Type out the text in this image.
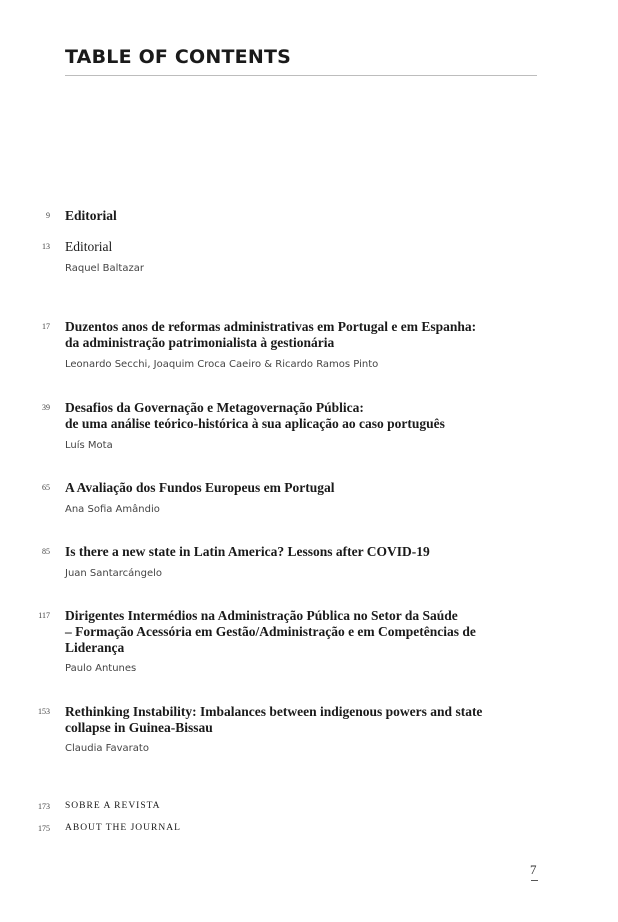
TABLE OF CONTENTS
9 Editorial
13 Editorial
Raquel Baltazar
17 Duzentos anos de reformas administrativas em Portugal e em Espanha:
da administração patrimonialista à gestionária
Leonardo Secchi, Joaquim Croca Caeiro & Ricardo Ramos Pinto
39 Desafios da Governação e Metagovernação Pública:
de uma análise teórico-histórica à sua aplicação ao caso português
Luís Mota
65 A Avaliação dos Fundos Europeus em Portugal
Ana Sofia Amândio
85 Is there a new state in Latin America? Lessons after COVID-19
Juan Santarcángelo
117 Dirigentes Intermédios na Administração Pública no Setor da Saúde
– Formação Acessória em Gestão/Administração e em Competências de
Liderança
Paulo Antunes
153 Rethinking Instability: Imbalances between indigenous powers and state
collapse in Guinea-Bissau
Claudia Favarato
173 SOBRE A REVISTA
175 ABOUT THE JOURNAL
7
